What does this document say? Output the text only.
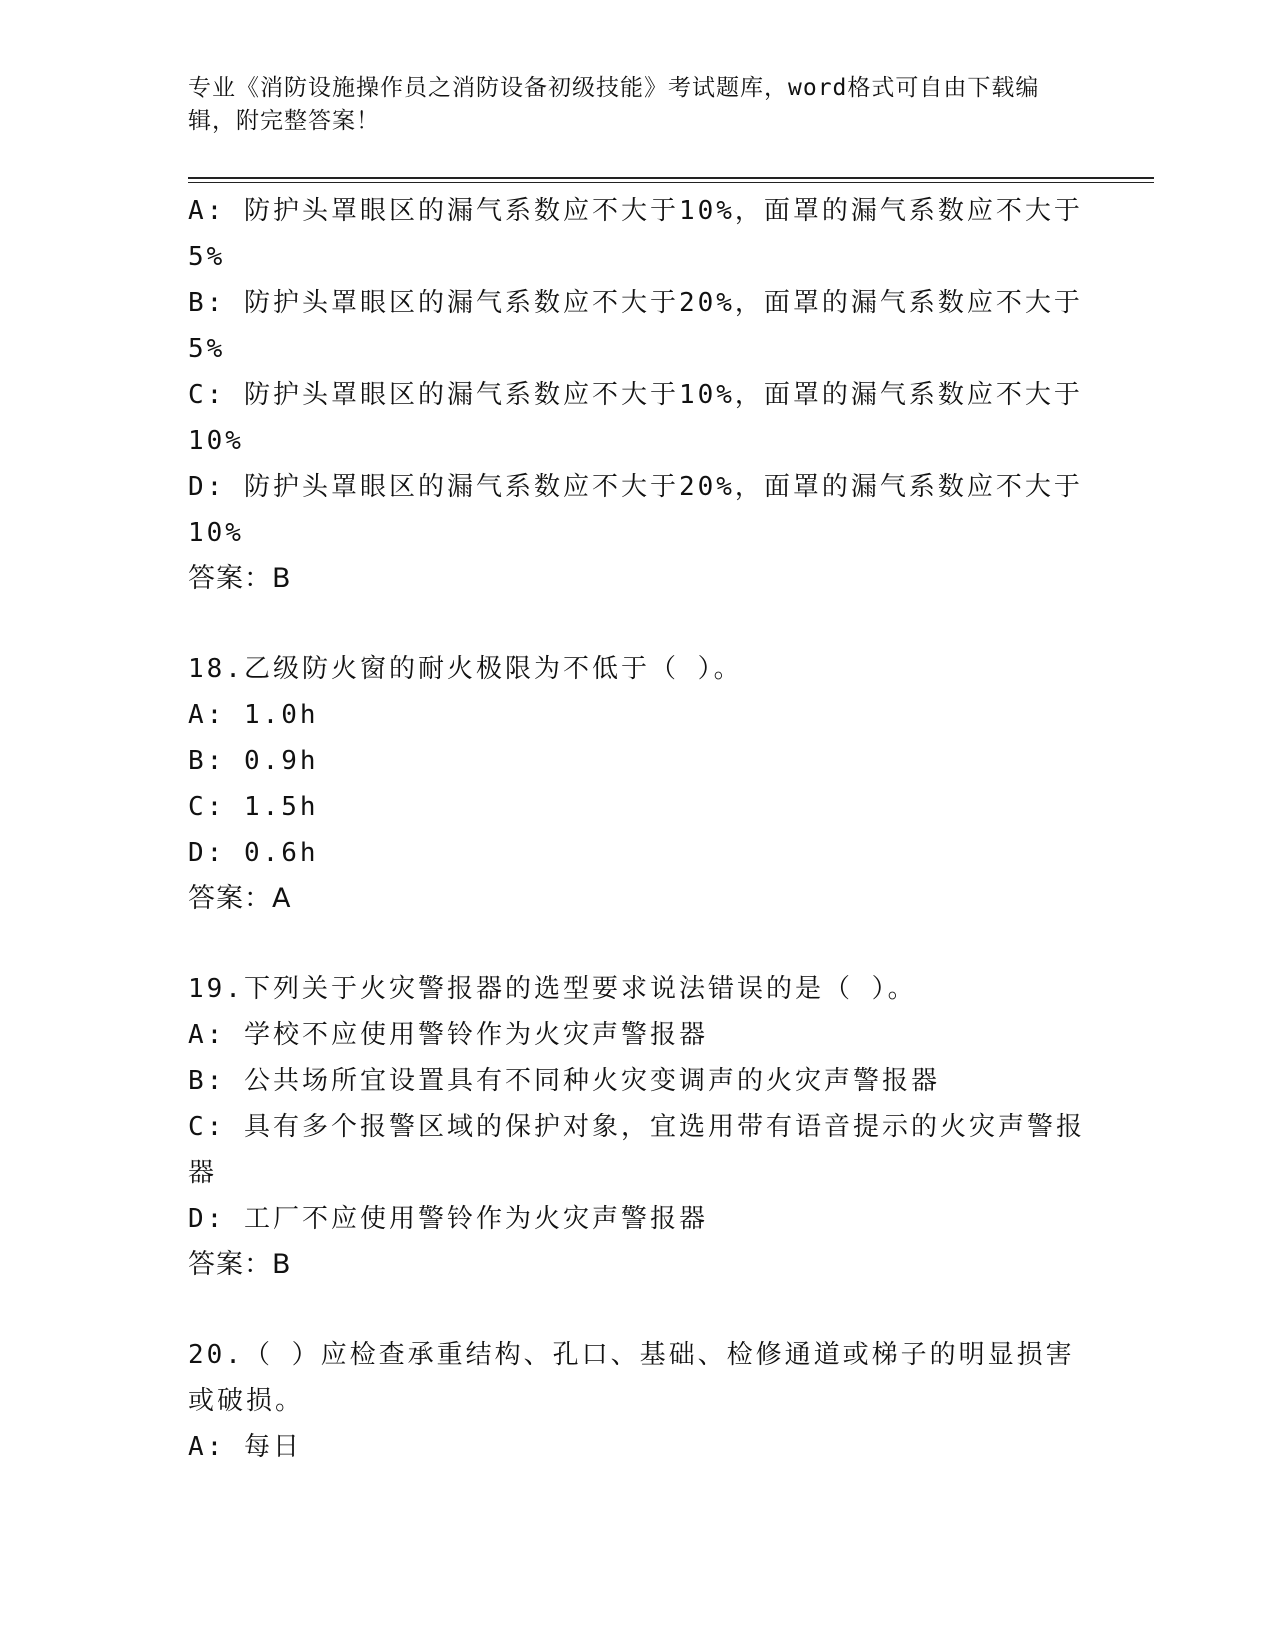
专业《消防设施操作员之消防设备初级技能》考试题库，word格式可自由下载编
辑，附完整答案！
A: 防护头罩眼区的漏气系数应不大于10%，面罩的漏气系数应不大于
5%
B: 防护头罩眼区的漏气系数应不大于20%，面罩的漏气系数应不大于
5%
C: 防护头罩眼区的漏气系数应不大于10%，面罩的漏气系数应不大于
10%
D: 防护头罩眼区的漏气系数应不大于20%，面罩的漏气系数应不大于
10%
答案：B
18.乙级防火窗的耐火极限为不低于（ ）。
A: 1.0h
B: 0.9h
C: 1.5h
D: 0.6h
答案：A
19.下列关于火灾警报器的选型要求说法错误的是（ ）。
A: 学校不应使用警铃作为火灾声警报器
B: 公共场所宜设置具有不同种火灾变调声的火灾声警报器
C: 具有多个报警区域的保护对象，宜选用带有语音提示的火灾声警报
器
D: 工厂不应使用警铃作为火灾声警报器
答案：B
20.（ ）应检查承重结构、孔口、基础、检修通道或梯子的明显损害
或破损。
A: 每日
